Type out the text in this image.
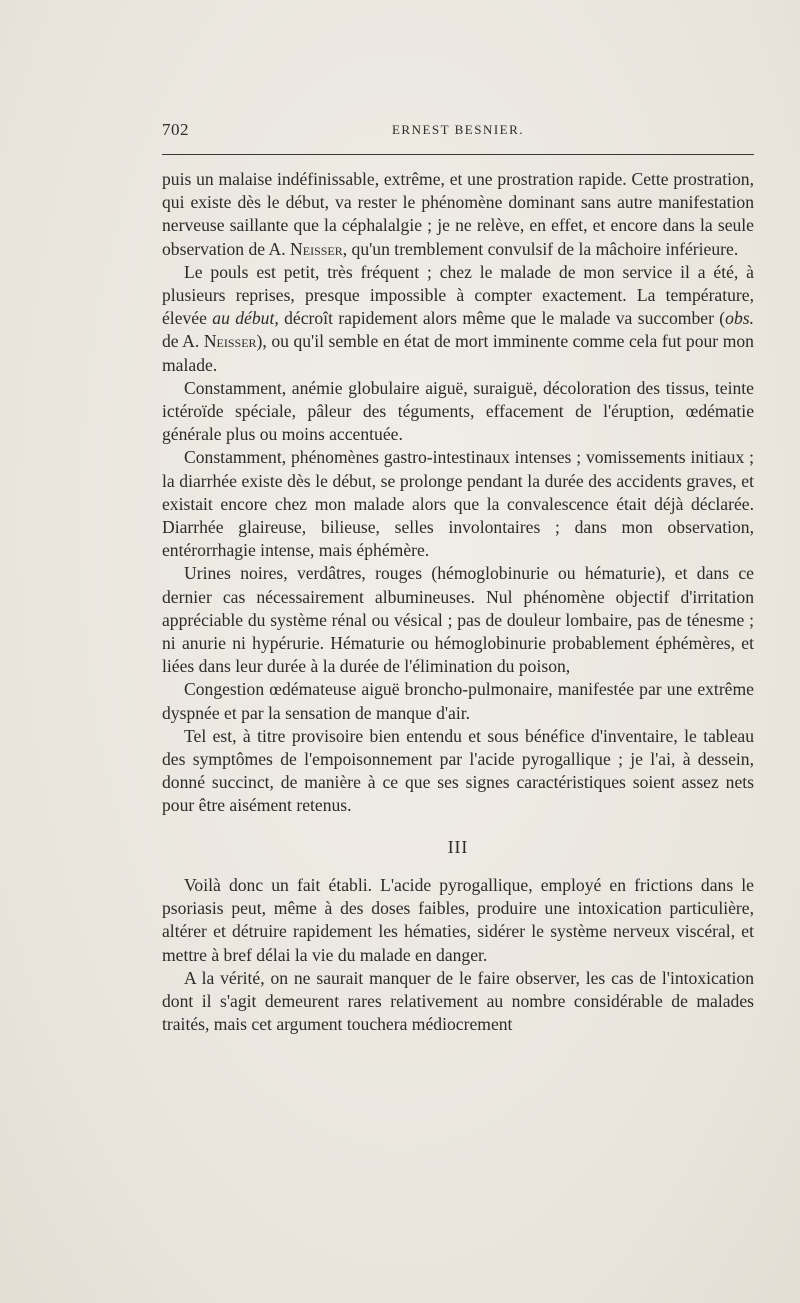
702	ERNEST BESNIER.

puis un malaise indéfinissable, extrême, et une prostration rapide. Cette prostration, qui existe dès le début, va rester le phénomène dominant sans autre manifestation nerveuse saillante que la céphalalgie ; je ne relève, en effet, et encore dans la seule observation de A. Neisser, qu'un tremblement convulsif de la mâchoire inférieure.

Le pouls est petit, très fréquent ; chez le malade de mon service il a été, à plusieurs reprises, presque impossible à compter exactement. La température, élevée au début, décroît rapidement alors même que le malade va succomber (obs. de A. Neisser), ou qu'il semble en état de mort imminente comme cela fut pour mon malade.

Constamment, anémie globulaire aiguë, suraiguë, décoloration des tissus, teinte ictéroïde spéciale, pâleur des téguments, effacement de l'éruption, œdématie générale plus ou moins accentuée.

Constamment, phénomènes gastro-intestinaux intenses ; vomissements initiaux ; la diarrhée existe dès le début, se prolonge pendant la durée des accidents graves, et existait encore chez mon malade alors que la convalescence était déjà déclarée. Diarrhée glaireuse, bilieuse, selles involontaires ; dans mon observation, entérorrhagie intense, mais éphémère.

Urines noires, verdâtres, rouges (hémoglobinurie ou hématurie), et dans ce dernier cas nécessairement albumineuses. Nul phénomène objectif d'irritation appréciable du système rénal ou vésical ; pas de douleur lombaire, pas de ténesme ; ni anurie ni hypérurie. Hématurie ou hémoglobinurie probablement éphémères, et liées dans leur durée à la durée de l'élimination du poison,

Congestion œdémateuse aiguë broncho-pulmonaire, manifestée par une extrême dyspnée et par la sensation de manque d'air.

Tel est, à titre provisoire bien entendu et sous bénéfice d'inventaire, le tableau des symptômes de l'empoisonnement par l'acide pyrogallique ; je l'ai, à dessein, donné succinct, de manière à ce que ses signes caractéristiques soient assez nets pour être aisément retenus.

III

Voilà donc un fait établi. L'acide pyrogallique, employé en frictions dans le psoriasis peut, même à des doses faibles, produire une intoxication particulière, altérer et détruire rapidement les hématies, sidérer le système nerveux viscéral, et mettre à bref délai la vie du malade en danger.

A la vérité, on ne saurait manquer de le faire observer, les cas de l'intoxication dont il s'agit demeurent rares relativement au nombre considérable de malades traités, mais cet argument touchera médiocrement
